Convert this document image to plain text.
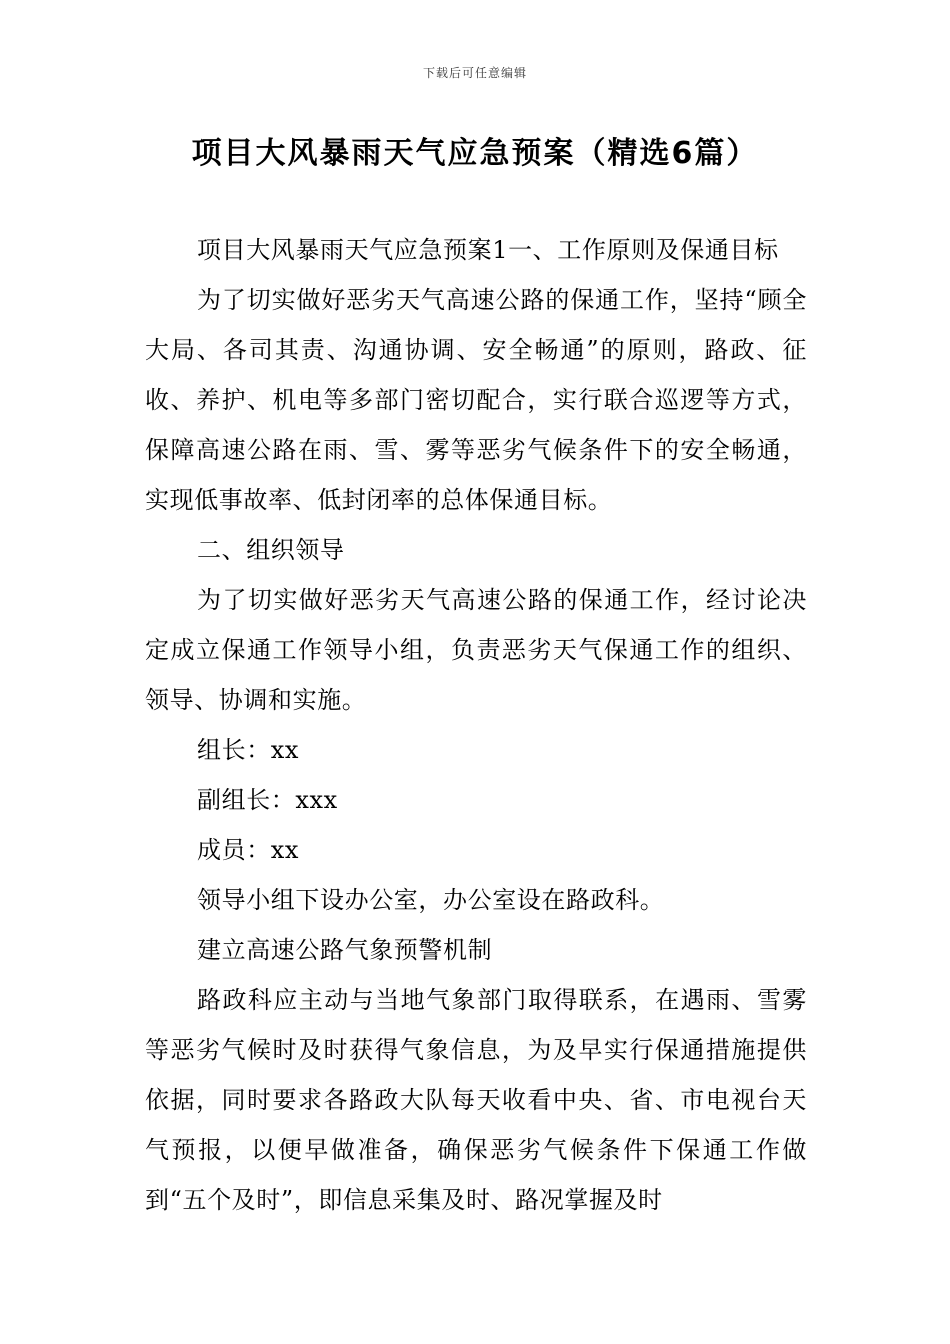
下载后可任意编辑
项目大风暴雨天气应急预案（精选6篇）

项目大风暴雨天气应急预案1一、工作原则及保通目标

为了切实做好恶劣天气高速公路的保通工作，坚持“顾全大局、各司其责、沟通协调、安全畅通”的原则，路政、征收、养护、机电等多部门密切配合，实行联合巡逻等方式，保障高速公路在雨、雪、雾等恶劣气候条件下的安全畅通，实现低事故率、低封闭率的总体保通目标。

二、组织领导

为了切实做好恶劣天气高速公路的保通工作，经讨论决定成立保通工作领导小组，负责恶劣天气保通工作的组织、领导、协调和实施。

组长：xx

副组长：xxx

成员：xx

领导小组下设办公室，办公室设在路政科。

建立高速公路气象预警机制

路政科应主动与当地气象部门取得联系，在遇雨、雪雾等恶劣气候时及时获得气象信息，为及早实行保通措施提供依据，同时要求各路政大队每天收看中央、省、市电视台天气预报，以便早做准备，确保恶劣气候条件下保通工作做到“五个及时”，即信息采集及时、路况掌握及时
